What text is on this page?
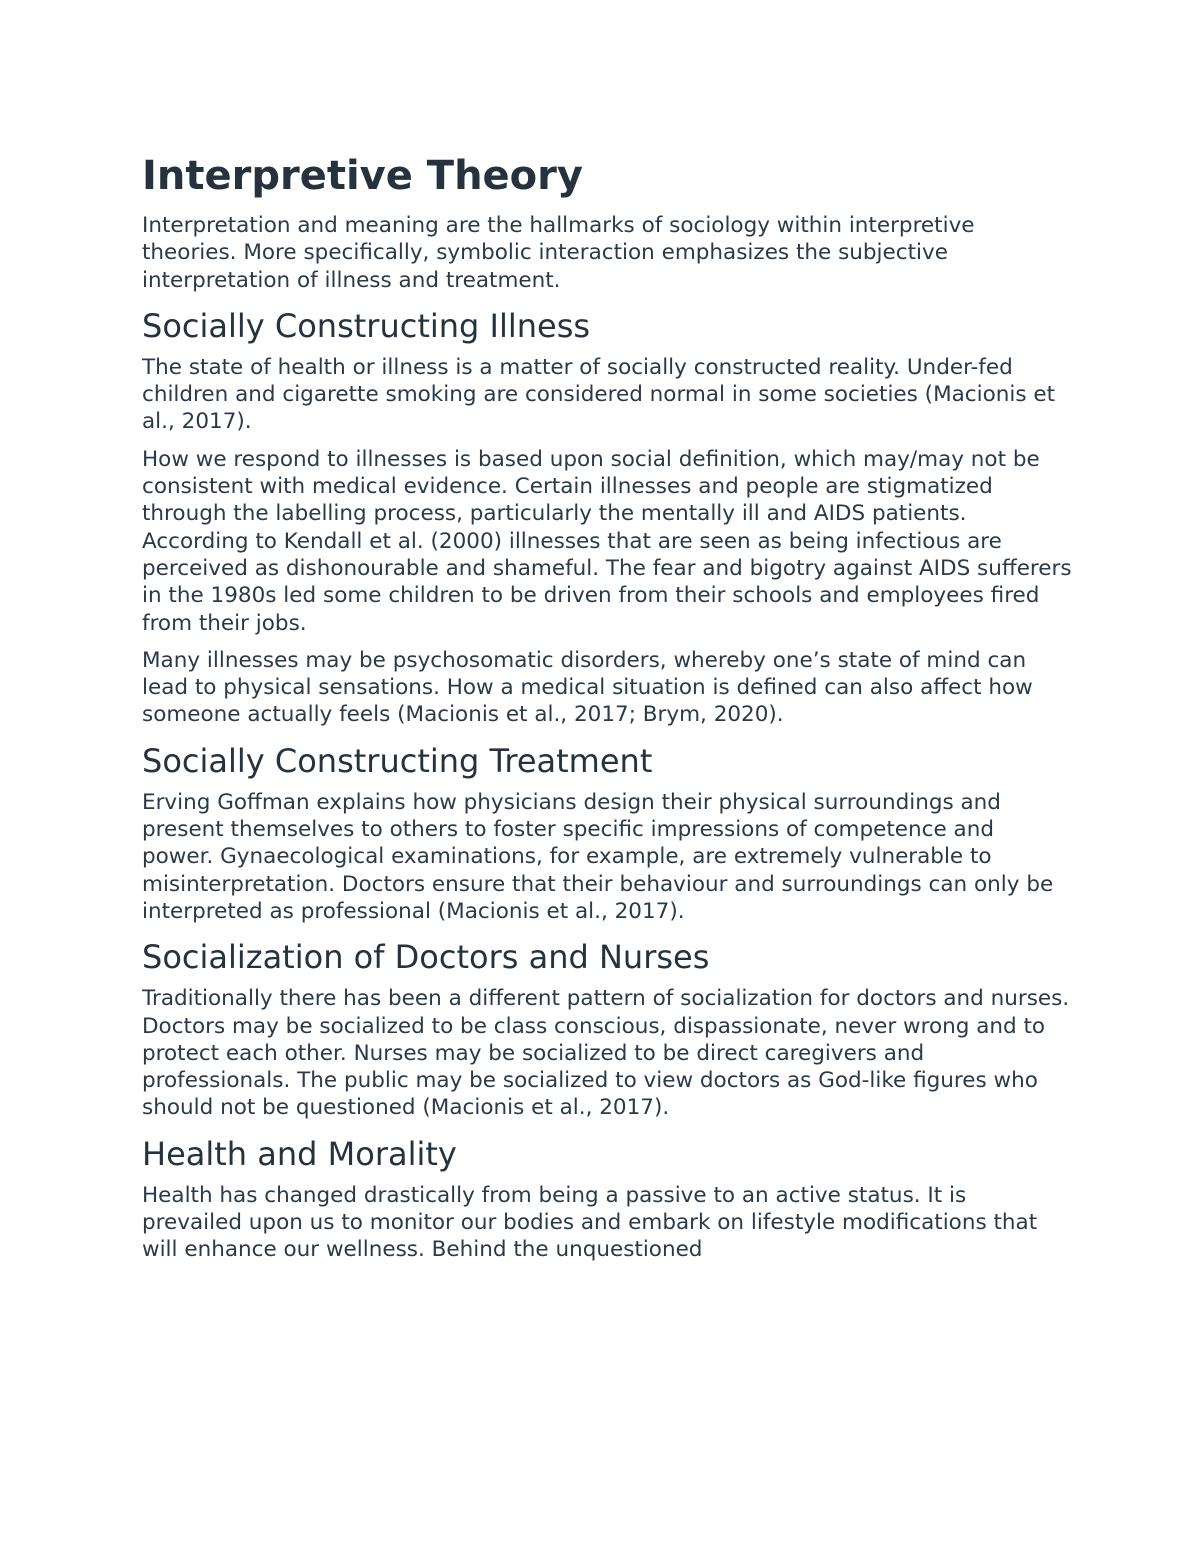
Interpretive Theory

Interpretation and meaning are the hallmarks of sociology within interpretive theories. More specifically, symbolic interaction emphasizes the subjective interpretation of illness and treatment.

Socially Constructing Illness

The state of health or illness is a matter of socially constructed reality. Under-fed children and cigarette smoking are considered normal in some societies (Macionis et al., 2017).

How we respond to illnesses is based upon social definition, which may/may not be consistent with medical evidence. Certain illnesses and people are stigmatized through the labelling process, particularly the mentally ill and AIDS patients. According to Kendall et al. (2000) illnesses that are seen as being infectious are perceived as dishonourable and shameful. The fear and bigotry against AIDS sufferers in the 1980s led some children to be driven from their schools and employees fired from their jobs.

Many illnesses may be psychosomatic disorders, whereby one’s state of mind can lead to physical sensations. How a medical situation is defined can also affect how someone actually feels (Macionis et al., 2017; Brym, 2020).

Socially Constructing Treatment

Erving Goffman explains how physicians design their physical surroundings and present themselves to others to foster specific impressions of competence and power. Gynaecological examinations, for example, are extremely vulnerable to misinterpretation. Doctors ensure that their behaviour and surroundings can only be interpreted as professional (Macionis et al., 2017).

Socialization of Doctors and Nurses

Traditionally there has been a different pattern of socialization for doctors and nurses. Doctors may be socialized to be class conscious, dispassionate, never wrong and to protect each other. Nurses may be socialized to be direct caregivers and professionals. The public may be socialized to view doctors as God-like figures who should not be questioned (Macionis et al., 2017).

Health and Morality

Health has changed drastically from being a passive to an active status. It is prevailed upon us to monitor our bodies and embark on lifestyle modifications that will enhance our wellness. Behind the unquestioned
